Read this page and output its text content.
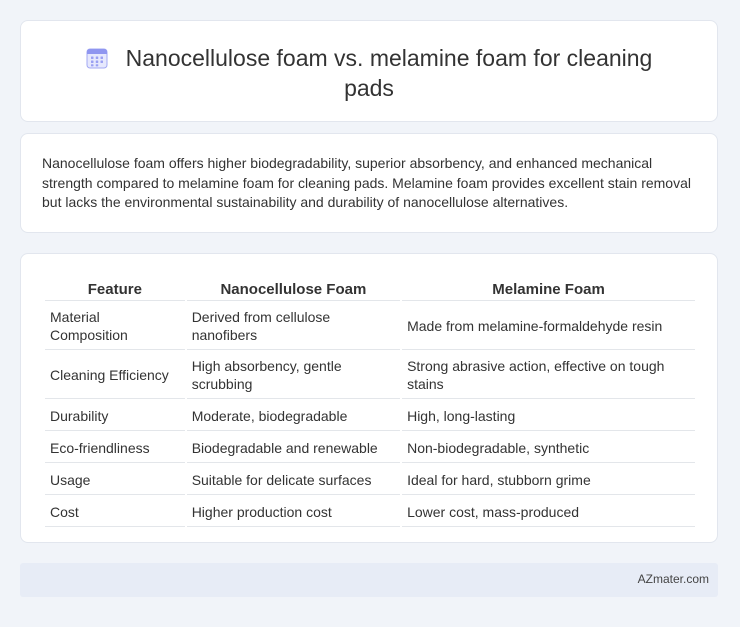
Nanocellulose foam vs. melamine foam for cleaning pads
Nanocellulose foam offers higher biodegradability, superior absorbency, and enhanced mechanical strength compared to melamine foam for cleaning pads. Melamine foam provides excellent stain removal but lacks the environmental sustainability and durability of nanocellulose alternatives.
Feature	Nanocellulose Foam	Melamine Foam
Material Composition	Derived from cellulose nanofibers	Made from melamine-formaldehyde resin
Cleaning Efficiency	High absorbency, gentle scrubbing	Strong abrasive action, effective on tough stains
Durability	Moderate, biodegradable	High, long-lasting
Eco-friendliness	Biodegradable and renewable	Non-biodegradable, synthetic
Usage	Suitable for delicate surfaces	Ideal for hard, stubborn grime
Cost	Higher production cost	Lower cost, mass-produced
AZmater.com
